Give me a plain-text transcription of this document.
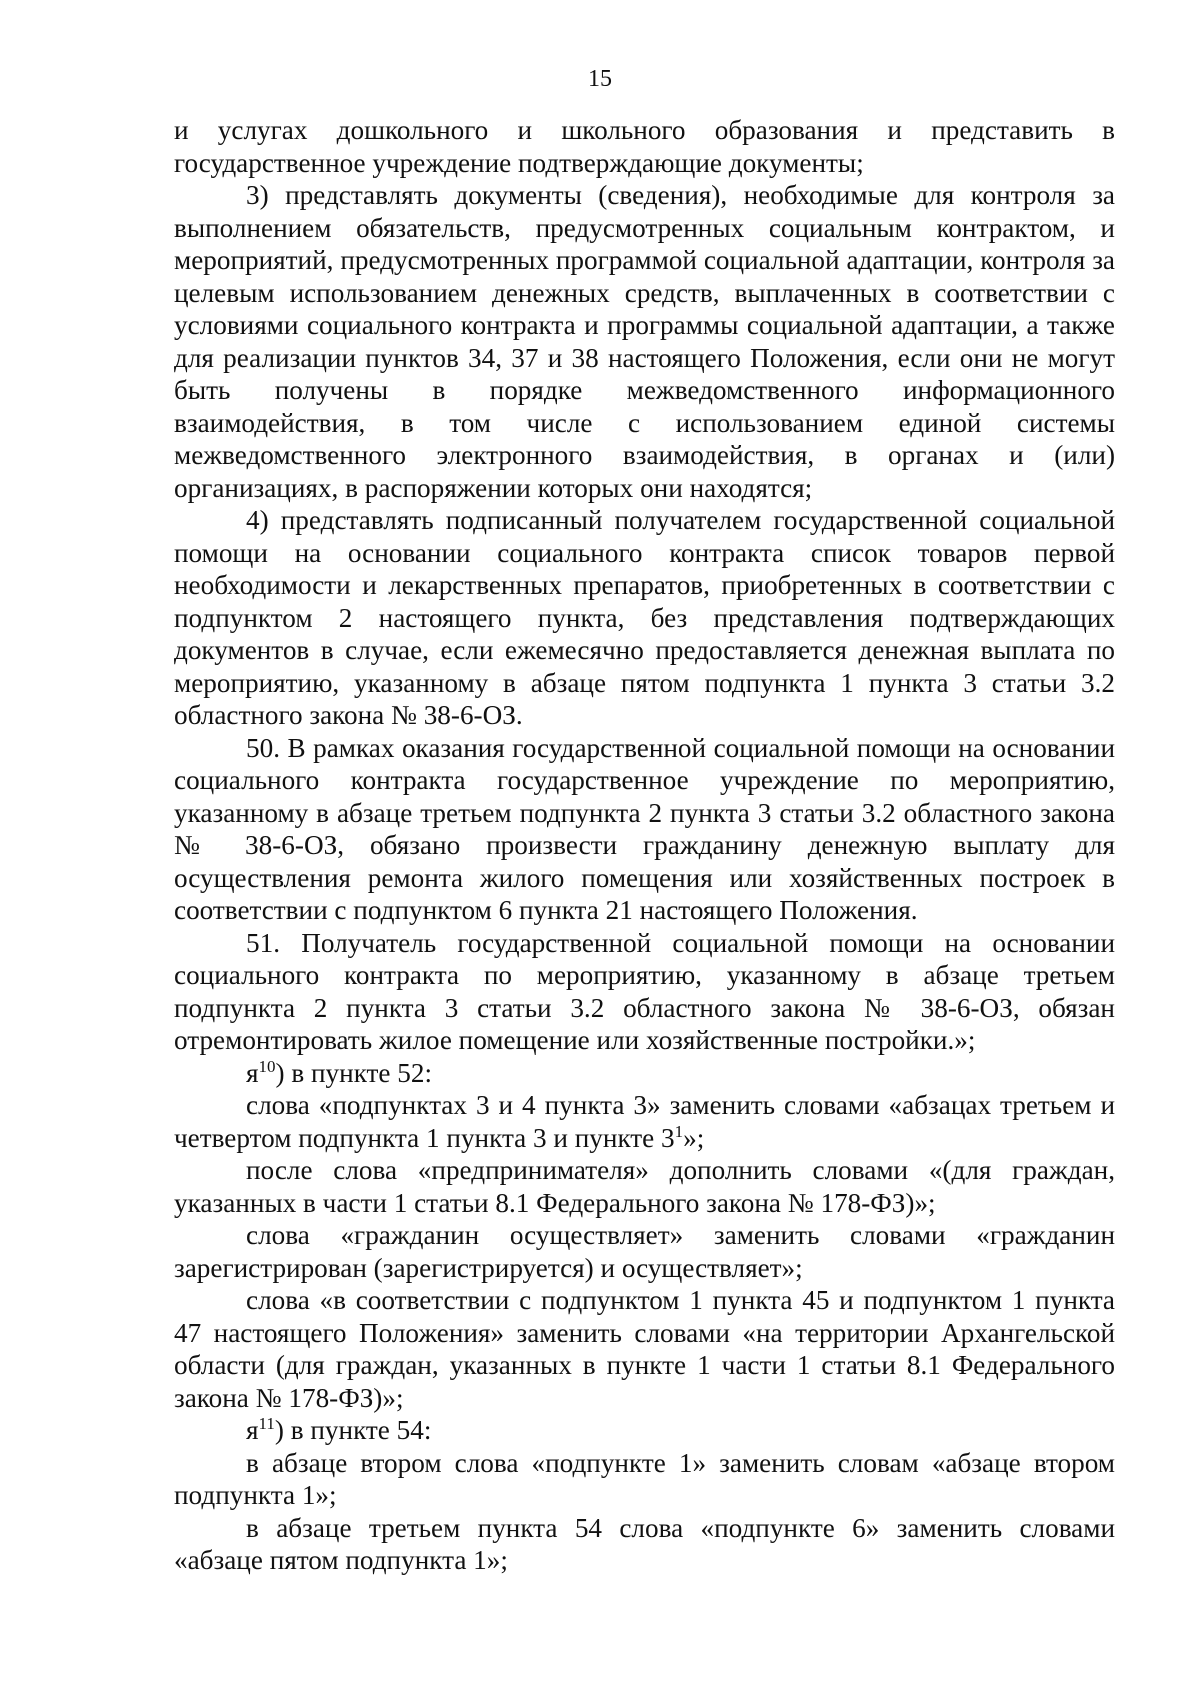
15

и услугах дошкольного и школьного образования и представить в государственное учреждение подтверждающие документы;

3) представлять документы (сведения), необходимые для контроля за выполнением обязательств, предусмотренных социальным контрактом, и мероприятий, предусмотренных программой социальной адаптации, контроля за целевым использованием денежных средств, выплаченных в соответствии с условиями социального контракта и программы социальной адаптации, а также для реализации пунктов 34, 37 и 38 настоящего Положения, если они не могут быть получены в порядке межведомственного информационного взаимодействия, в том числе с использованием единой системы межведомственного электронного взаимодействия, в органах и (или) организациях, в распоряжении которых они находятся;

4) представлять подписанный получателем государственной социальной помощи на основании социального контракта список товаров первой необходимости и лекарственных препаратов, приобретенных в соответствии с подпунктом 2 настоящего пункта, без представления подтверждающих документов в случае, если ежемесячно предоставляется денежная выплата по мероприятию, указанному в абзаце пятом подпункта 1 пункта 3 статьи 3.2 областного закона № 38-6-ОЗ.

50. В рамках оказания государственной социальной помощи на основании социального контракта государственное учреждение по мероприятию, указанному в абзаце третьем подпункта 2 пункта 3 статьи 3.2 областного закона № 38-6-ОЗ, обязано произвести гражданину денежную выплату для осуществления ремонта жилого помещения или хозяйственных построек в соответствии с подпунктом 6 пункта 21 настоящего Положения.

51. Получатель государственной социальной помощи на основании социального контракта по мероприятию, указанному в абзаце третьем подпункта 2 пункта 3 статьи 3.2 областного закона № 38-6-ОЗ, обязан отремонтировать жилое помещение или хозяйственные постройки.»;

$я^{10}$) в пункте 52:

слова «подпунктах 3 и 4 пункта 3» заменить словами «абзацах третьем и четвертом подпункта 1 пункта 3 и пункте $3^1$»;

после слова «предпринимателя» дополнить словами «(для граждан, указанных в части 1 статьи 8.1 Федерального закона № 178-ФЗ)»;

слова «гражданин осуществляет» заменить словами «гражданин зарегистрирован (зарегистрируется) и осуществляет»;

слова «в соответствии с подпунктом 1 пункта 45 и подпунктом 1 пункта 47 настоящего Положения» заменить словами «на территории Архангельской области (для граждан, указанных в пункте 1 части 1 статьи 8.1 Федерального закона № 178-ФЗ)»;

$я^{11}$) в пункте 54:

в абзаце втором слова «подпункте 1» заменить словам «абзаце втором подпункта 1»;

в абзаце третьем пункта 54 слова «подпункте 6» заменить словами «абзаце пятом подпункта 1»;
